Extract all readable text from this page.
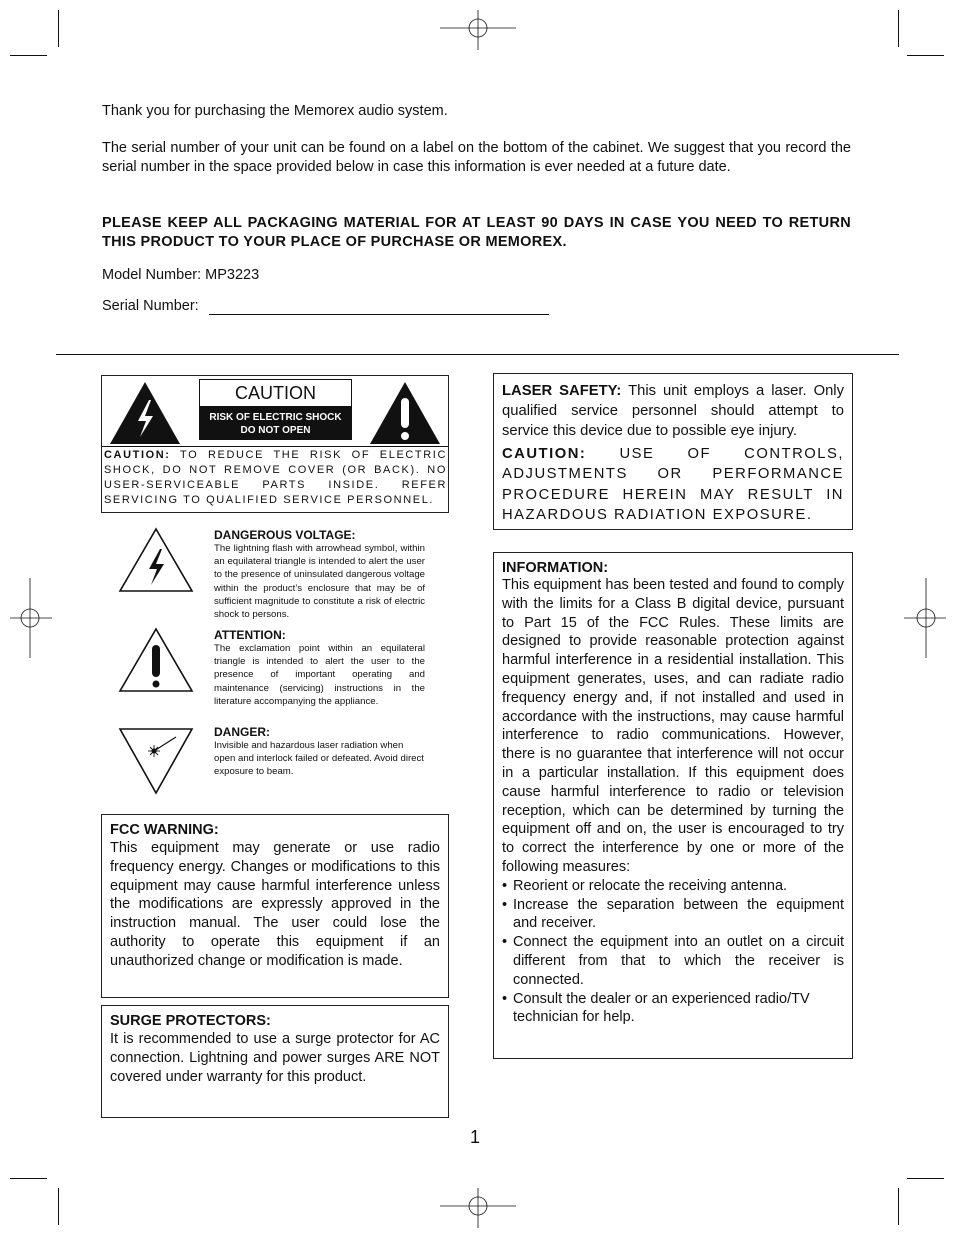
Thank you for purchasing the Memorex audio system.
The serial number of your unit can be found on a label on the bottom of the cabinet. We suggest that you record the serial number in the space provided below in case this information is ever needed at a future date.
PLEASE KEEP ALL PACKAGING MATERIAL FOR AT LEAST 90 DAYS IN CASE YOU NEED TO RETURN THIS PRODUCT TO YOUR PLACE OF PURCHASE OR MEMOREX.
Model Number: MP3223
Serial Number:
CAUTION
RISK OF ELECTRIC SHOCK
DO NOT OPEN
CAUTION: TO REDUCE THE RISK OF ELECTRIC SHOCK, DO NOT REMOVE COVER (OR BACK). NO USER-SERVICEABLE PARTS INSIDE. REFER SERVICING TO QUALIFIED SERVICE PERSONNEL.
DANGEROUS VOLTAGE:
The lightning flash with arrowhead symbol, within an equilateral triangle is intended to alert the user to the presence of uninsulated dangerous voltage within the product’s enclosure that may be of sufficient magnitude to constitute a risk of electric shock to persons.
ATTENTION:
The exclamation point within an equilateral triangle is intended to alert the user to the presence of important operating and maintenance (servicing) instructions in the literature accompanying the appliance.
DANGER:
Invisible and hazardous laser radiation when open and interlock failed or defeated. Avoid direct exposure to beam.
FCC WARNING:
This equipment may generate or use radio frequency energy. Changes or modifications to this equipment may cause harmful interference unless the modifications are expressly approved in the instruction manual. The user could lose the authority to operate this equipment if an unauthorized change or modification is made.
SURGE PROTECTORS:
It is recommended to use a surge protector for AC connection. Lightning and power surges ARE NOT covered under warranty for this product.
LASER SAFETY: This unit employs a laser. Only qualified service personnel should attempt to service this device due to possible eye injury.
CAUTION: USE OF CONTROLS, ADJUSTMENTS OR PERFORMANCE PROCEDURE HEREIN MAY RESULT IN HAZARDOUS RADIATION EXPOSURE.
INFORMATION:
This equipment has been tested and found to comply with the limits for a Class B digital device, pursuant to Part 15 of the FCC Rules. These limits are designed to provide reasonable protection against harmful interference in a residential installation. This equipment generates, uses, and can radiate radio frequency energy and, if not installed and used in accordance with the instructions, may cause harmful interference to radio communications. However, there is no guarantee that interference will not occur in a particular installation. If this equipment does cause harmful interference to radio or television reception, which can be determined by turning the equipment off and on, the user is encouraged to try to correct the interference by one or more of the following measures:
• Reorient or relocate the receiving antenna.
• Increase the separation between the equipment and receiver.
• Connect the equipment into an outlet on a circuit different from that to which the receiver is connected.
• Consult the dealer or an experienced radio/TV technician for help.
1
